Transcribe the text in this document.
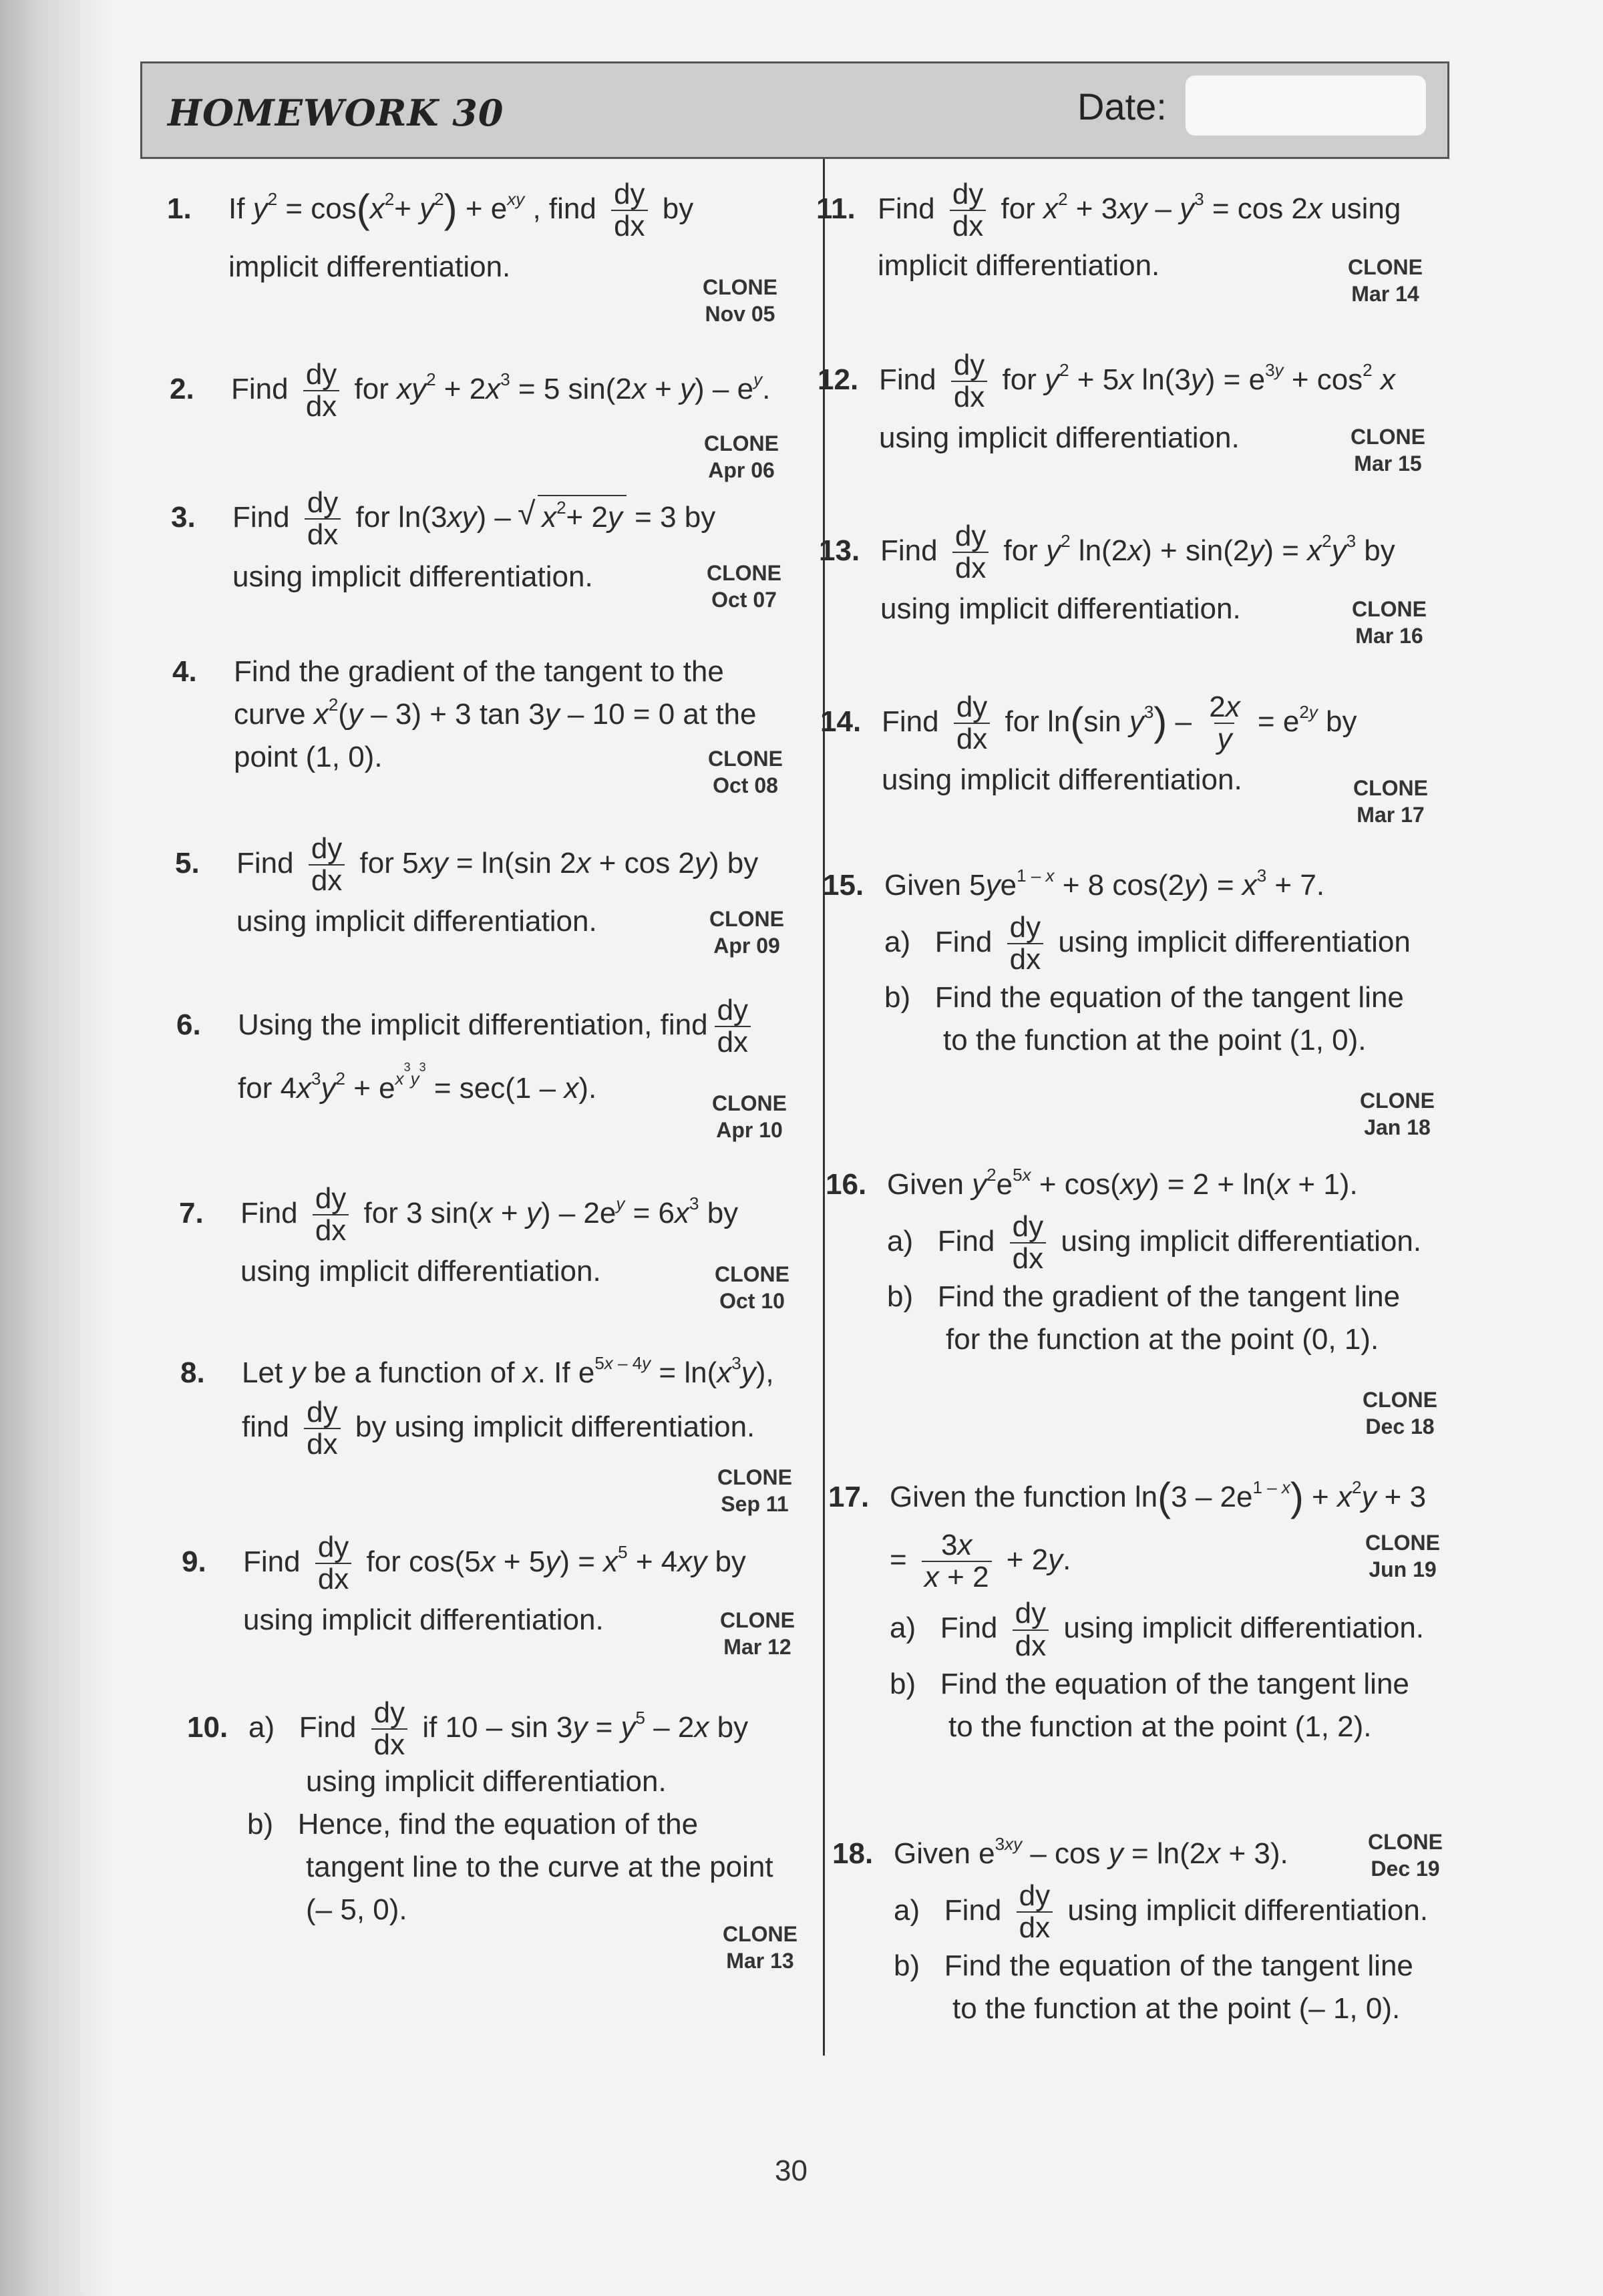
HOMEWORK 30	Date:
1. If $y^2 = \cos(x^2+ y^2) + e^{xy}$ , find $\frac{dy}{dx}$ by
implicit differentiation.
CLONE
Nov 05
2. Find $\frac{dy}{dx}$ for $xy^2 + 2x^3 = 5$ $\sin(2x + y) - e^y$.
CLONE
Apr 06
3. Find $\frac{dy}{dx}$ for ln(3xy) – √ $x^2+ 2y = 3$ by
using implicit differentiation.	CLONE
Oct 07
4. Find the gradient of the tangent to the
curve $x^2(y - 3) + 3$ tan 3y – 10 = 0 at the
point (1, 0).	CLONE
Oct 08
5. Find $\frac{dy}{dx}$ for 5xy = ln(sin 2x + cos 2y) by
using implicit differentiation.	CLONE
Apr 09
6. Using the implicit differentiation, find $\frac{dy}{dx}$
for $4x^3y^2 + e^{x^3y^3} = \sec(1 - x)$.	CLONE
Apr 10
7. Find $\frac{dy}{dx}$ for 3 $\sin(x + y) - 2e^y = 6x^3$ by
using implicit differentiation.	CLONE
Oct 10
8. Let y be a function of x. If $e^{5x - 4y} = \ln(x^3y)$,
find $\frac{dy}{dx}$ by using implicit differentiation.
CLONE
Sep 11
9. Find $\frac{dy}{dx}$ for $\cos(5x + 5y) = x^5 + 4xy$ by
using implicit differentiation.	CLONE
Mar 12
10. a)   Find $\frac{dy}{dx}$ if $10 - \sin 3y = y^5 - 2x$ by
using implicit differentiation.
b)   Hence, find the equation of the
tangent line to the curve at the point
(– 5, 0).
CLONE
Mar 13
11. Find $\frac{dy}{dx}$ for $x^2 + 3xy - y^3 = \cos 2x$ using
implicit differentiation.	CLONE
Mar 14
12. Find $\frac{dy}{dx}$ for $y^2 + 5x$ $\ln(3y) = e^{3y} + \cos^2 x$
using implicit differentiation.	CLONE
Mar 15
13. Find $\frac{dy}{dx}$ for $y^2$ $\ln(2x) + \sin(2y) = x^2y^3$ by
using implicit differentiation.	CLONE
Mar 16
14. Find $\frac{dy}{dx}$ for ln(sin $y^3) - \frac{2x}{y} = e^{2y}$ by
using implicit differentiation.	CLONE
Mar 17
15. Given $5ye^{1 - x} + 8$ $\cos(2y) = x^3 + 7$.
a)   Find $\frac{dy}{dx}$ using implicit differentiation
b)   Find the equation of the tangent line
to the function at the point (1, 0).
CLONE
Jan 18
16. Given $y^2e^{5x} + \cos(xy) = 2 + \ln(x + 1)$.
a)   Find $\frac{dy}{dx}$ using implicit differentiation.
b)   Find the gradient of the tangent line
for the function at the point (0, 1).
CLONE
Dec 18
17. Given the function $\ln(3 - 2e^{1 - x}) + x^2y + 3$
= $\frac{3x}{x + 2} + 2y$.
a)   Find $\frac{dy}{dx}$ using implicit differentiation.
b)   Find the equation of the tangent line
to the function at the point (1, 2).
CLONE
Jun 19
18. Given $e^{3xy} - \cos y = \ln(2x + 3)$.
a)   Find $\frac{dy}{dx}$ using implicit differentiation.
b)   Find the equation of the tangent line
to the function at the point (– 1, 0).
CLONE
Dec 19
30
